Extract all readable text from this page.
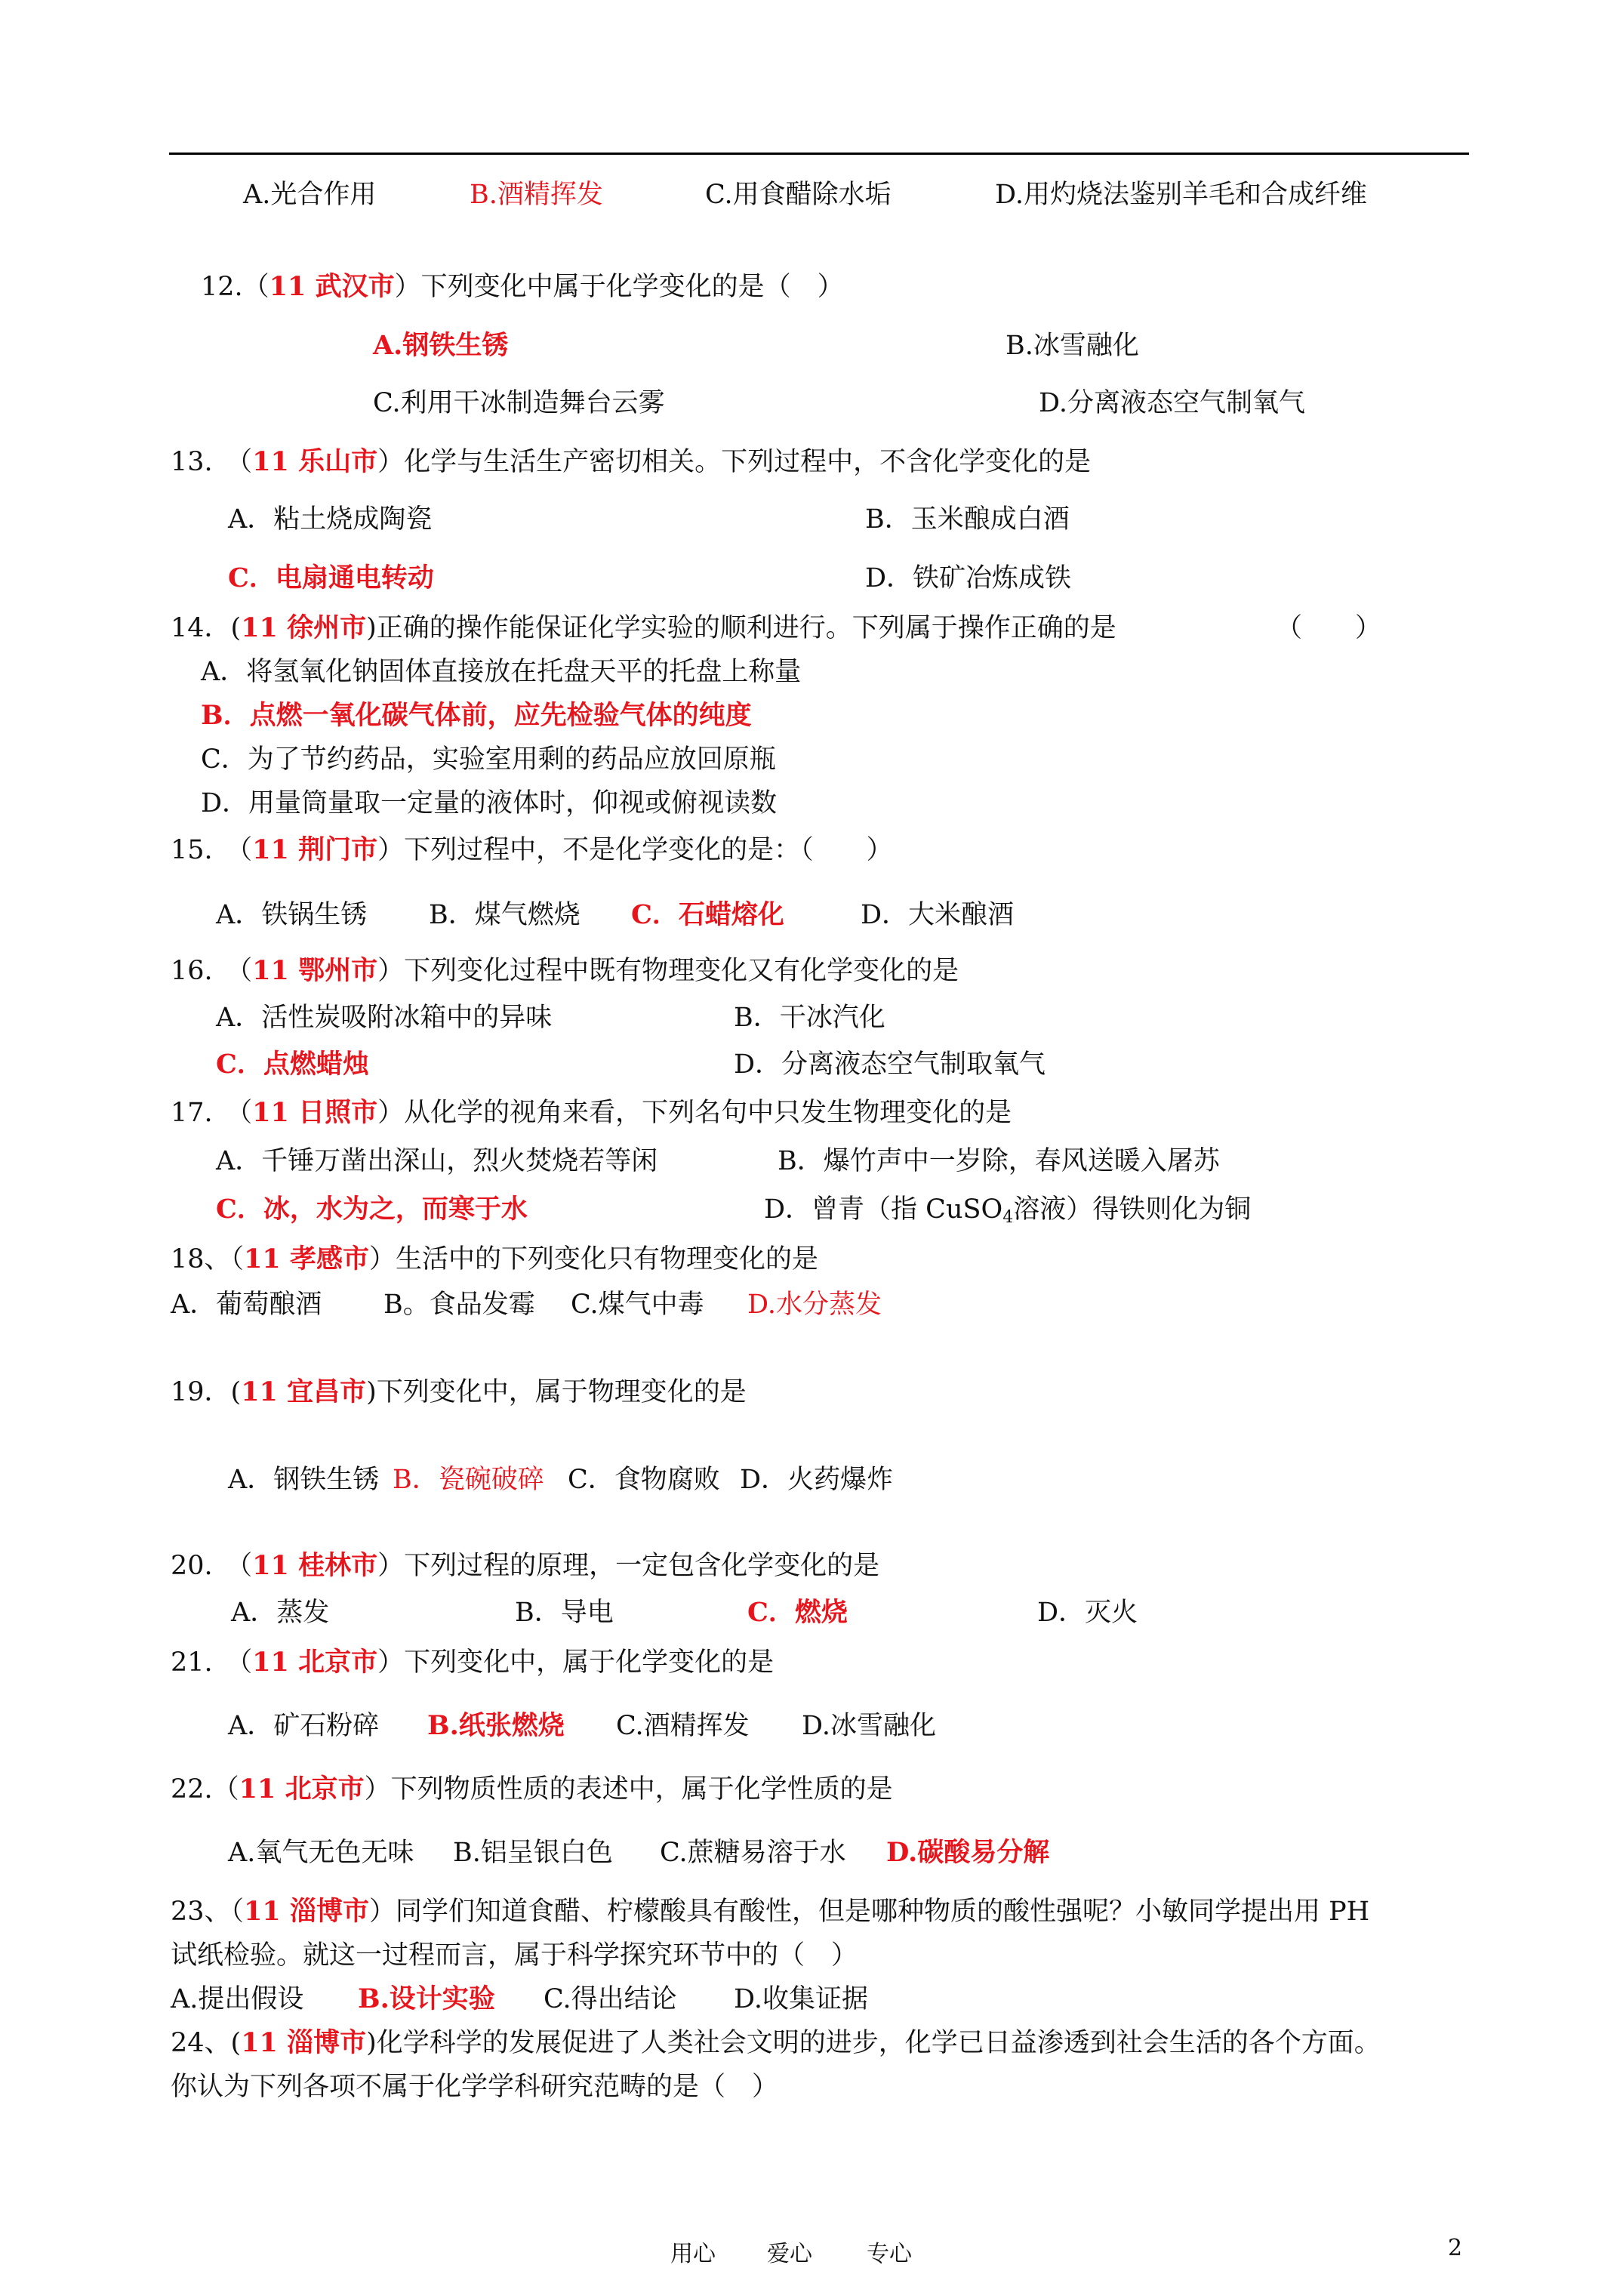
A.光合作用	B.酒精挥发	C.用食醋除水垢	D.用灼烧法鉴别羊毛和合成纤维
12.（11 武汉市）下列变化中属于化学变化的是（　）
A.钢铁生锈	B.冰雪融化
C.利用干冰制造舞台云雾	D.分离液态空气制氧气
13.　（11 乐山市）化学与生活生产密切相关。下列过程中，不含化学变化的是
A．粘土烧成陶瓷	B．玉米酿成白酒
C．电扇通电转动	D．铁矿冶炼成铁
14．(11 徐州市)正确的操作能保证化学实验的顺利进行。下列属于操作正确的是	（　　）
A．将氢氧化钠固体直接放在托盘天平的托盘上称量
B．点燃一氧化碳气体前，应先检验气体的纯度
C．为了节约药品，实验室用剩的药品应放回原瓶
D．用量筒量取一定量的液体时，仰视或俯视读数
15.　（11 荆门市）下列过程中，不是化学变化的是：（　　）
A．铁锅生锈 B．煤气燃烧 C．石蜡熔化	D．大米酿酒
16.　（11 鄂州市）下列变化过程中既有物理变化又有化学变化的是
A．活性炭吸附冰箱中的异味	B．干冰汽化
C．点燃蜡烛	D．分离液态空气制取氧气
17.　（11 日照市）从化学的视角来看，下列名句中只发生物理变化的是
A．千锤万凿出深山，烈火焚烧若等闲	B．爆竹声中一岁除，春风送暖入屠苏
C．冰，水为之，而寒于水	D．曾青（指 CuSO$_4$溶液）得铁则化为铜
18、（11 孝感市）生活中的下列变化只有物理变化的是
A．葡萄酿酒 B。食品发霉 C.煤气中毒 D.水分蒸发
19．(11 宜昌市)下列变化中，属于物理变化的是
A．钢铁生锈 B．瓷碗破碎 C．食物腐败 D．火药爆炸
20.　（11 桂林市）下列过程的原理，一定包含化学变化的是
A．蒸发	B．导电	C．燃烧	D．灭火
21.　（11 北京市）下列变化中，属于化学变化的是
A．矿石粉碎 B.纸张燃烧 C.酒精挥发 D.冰雪融化
22.（11 北京市）下列物质性质的表述中，属于化学性质的是
A.氧气无色无味 B.铝呈银白色 C.蔗糖易溶于水 D.碳酸易分解
23、（11 淄博市）同学们知道食醋、柠檬酸具有酸性，但是哪种物质的酸性强呢？小敏同学提出用 PH
试纸检验。就这一过程而言，属于科学探究环节中的（　）
A.提出假设 B.设计实验 C.得出结论 D.收集证据
24、(11 淄博市)化学科学的发展促进了人类社会文明的进步，化学已日益渗透到社会生活的各个方面。
你认为下列各项不属于化学学科研究范畴的是（　）
用心 爱心 专心	2
